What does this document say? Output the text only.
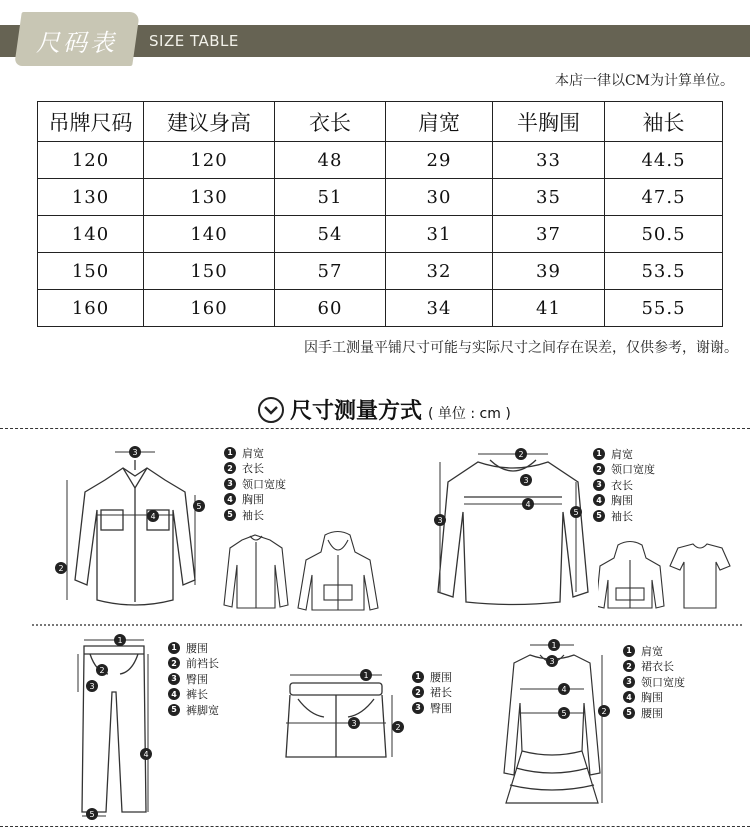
尺码表 SIZE TABLE
本店一律以CM为计算单位。
吊牌尺码	建议身高	衣长	肩宽	半胸围	袖长
120	120	48	29	33	44.5
130	130	51	30	35	47.5
140	140	54	31	37	50.5
150	150	57	32	39	53.5
160	160	60	34	41	55.5
因手工测量平铺尺寸可能与实际尺寸之间存在误差，仅供参考，谢谢。
尺寸测量方式 ( 单位 : cm )
3
2
4
5
1 肩宽
2 衣长
3 领口宽度
4 胸围
5 袖长
2
3
3
4
5
1 肩宽
2 领口宽度
3 衣长
4 胸围
5 袖长
1
2
3
4
5
1 腰围
2 前裆长
3 臀围
4 裤长
5 裤脚宽
1
2
3
1 腰围
2 裙长
3 臀围
1
2
3
4
5
1 肩宽
2 裙衣长
3 领口宽度
4 胸围
5 腰围
